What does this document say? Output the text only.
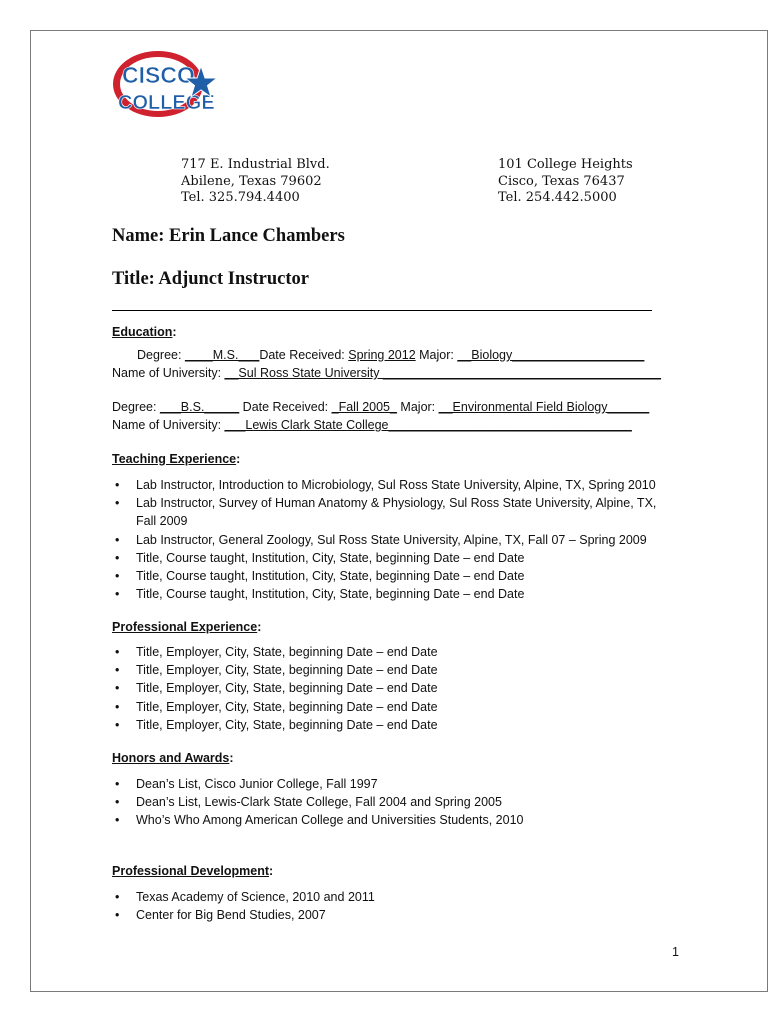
CISCO
COLLEGE
717 E. Industrial Blvd.
Abilene, Texas 79602
Tel. 325.794.4400
101 College Heights
Cisco, Texas 76437
Tel. 254.442.5000
Name: Erin Lance Chambers
Title: Adjunct Instructor
Education:
Degree: ____M.S.___Date Received: Spring 2012 Major: __Biology___________________
Name of University: __Sul Ross State University ________________________________________
Degree: ___B.S._____ Date Received: _Fall 2005_ Major: __Environmental Field Biology______
Name of University: ___Lewis Clark State College___________________________________
Teaching Experience:
• Lab Instructor, Introduction to Microbiology, Sul Ross State University, Alpine, TX, Spring 2010
• Lab Instructor, Survey of Human Anatomy & Physiology, Sul Ross State University, Alpine, TX, Fall 2009
• Lab Instructor, General Zoology, Sul Ross State University, Alpine, TX, Fall 07 – Spring 2009
• Title, Course taught, Institution, City, State, beginning Date – end Date
• Title, Course taught, Institution, City, State, beginning Date – end Date
• Title, Course taught, Institution, City, State, beginning Date – end Date
Professional Experience:
• Title, Employer, City, State, beginning Date – end Date
• Title, Employer, City, State, beginning Date – end Date
• Title, Employer, City, State, beginning Date – end Date
• Title, Employer, City, State, beginning Date – end Date
• Title, Employer, City, State, beginning Date – end Date
Honors and Awards:
• Dean’s List, Cisco Junior College, Fall 1997
• Dean’s List, Lewis-Clark State College, Fall 2004 and Spring 2005
• Who’s Who Among American College and Universities Students, 2010
Professional Development:
• Texas Academy of Science, 2010 and 2011
• Center for Big Bend Studies, 2007
1
